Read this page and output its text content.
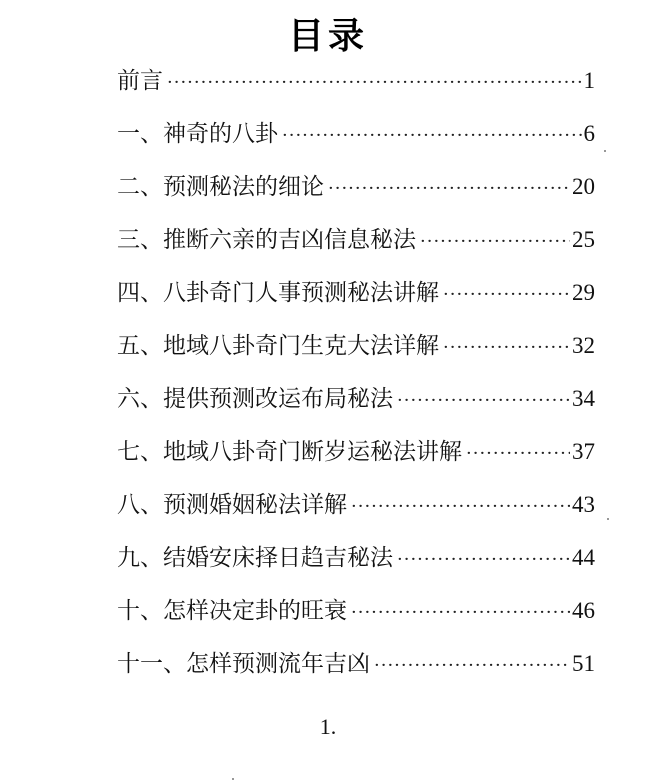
目录
前言 ·····	1
一、神奇的八卦 ·····	6
二、预测秘法的细论 ·····	20
三、推断六亲的吉凶信息秘法 ·····	25
四、八卦奇门人事预测秘法讲解 ·····	29
五、地域八卦奇门生克大法详解 ·····	32
六、提供预测改运布局秘法 ·····	34
七、地域八卦奇门断岁运秘法讲解 ·····	37
八、预测婚姻秘法详解 ·····	43
九、结婚安床择日趋吉秘法 ·····	44
十、怎样决定卦的旺衰 ·····	46
十一、怎样预测流年吉凶 ·····	51
1.
